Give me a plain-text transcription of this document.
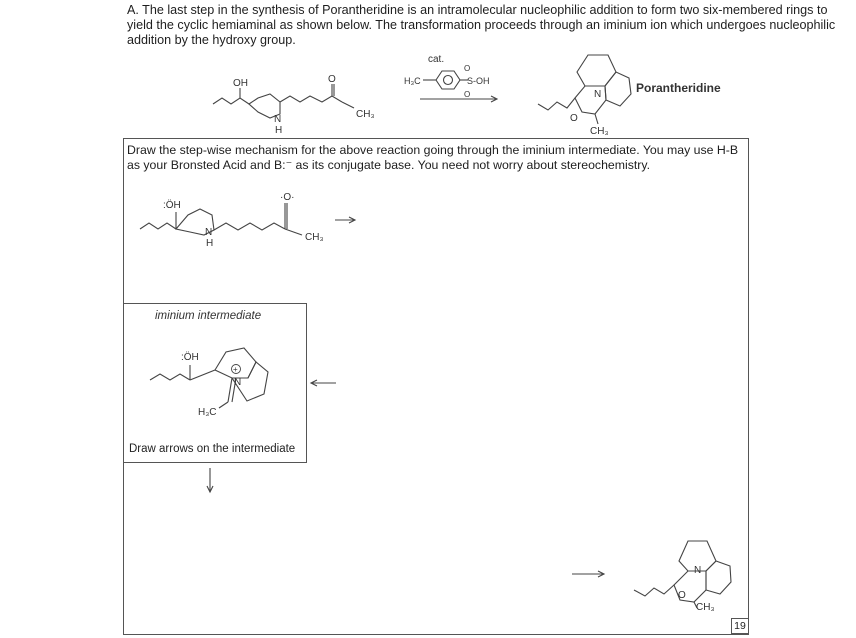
A. The last step in the synthesis of Porantheridine is an intramolecular nucleophilic addition to form two six-membered rings to yield the cyclic hemiaminal as shown below. The transformation proceeds through an iminium ion which undergoes nucleophilic addition by the hydroxy group.
Draw the step-wise mechanism for the above reaction going through the iminium intermediate. You may use H-B as your Bronsted Acid and B:⁻ as its conjugate base. You need not worry about stereochemistry.
iminium intermediate
Draw arrows on the intermediate
19
cat.
H₃C	S-OH
O
O
OH	O
N
H
CH₃
N
O
CH₃
Porantheridine
:ÖH
·O·
N
H
CH₃
:ÖH
N
+
H₃C
N
O
CH₃
